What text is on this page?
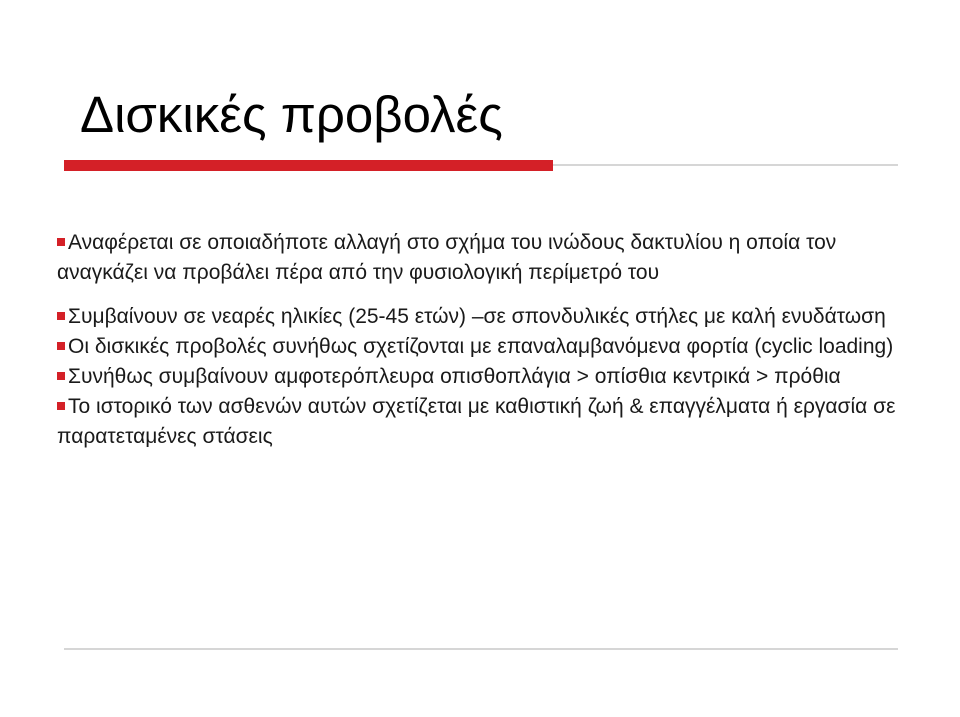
Δισκικές προβολές
Αναφέρεται σε οποιαδήποτε αλλαγή στο σχήμα του ινώδους δακτυλίου η οποία τον αναγκάζει να προβάλει πέρα από την φυσιολογική περίμετρό του
Συμβαίνουν σε νεαρές ηλικίες (25-45 ετών) –σε σπονδυλικές στήλες με καλή ενυδάτωση
Οι δισκικές προβολές συνήθως σχετίζονται με επαναλαμβανόμενα φορτία (cyclic loading)
Συνήθως συμβαίνουν αμφοτερόπλευρα οπισθοπλάγια > οπίσθια κεντρικά > πρόθια
Το ιστορικό των ασθενών αυτών σχετίζεται με καθιστική ζωή & επαγγέλματα ή εργασία σε παρατεταμένες στάσεις
